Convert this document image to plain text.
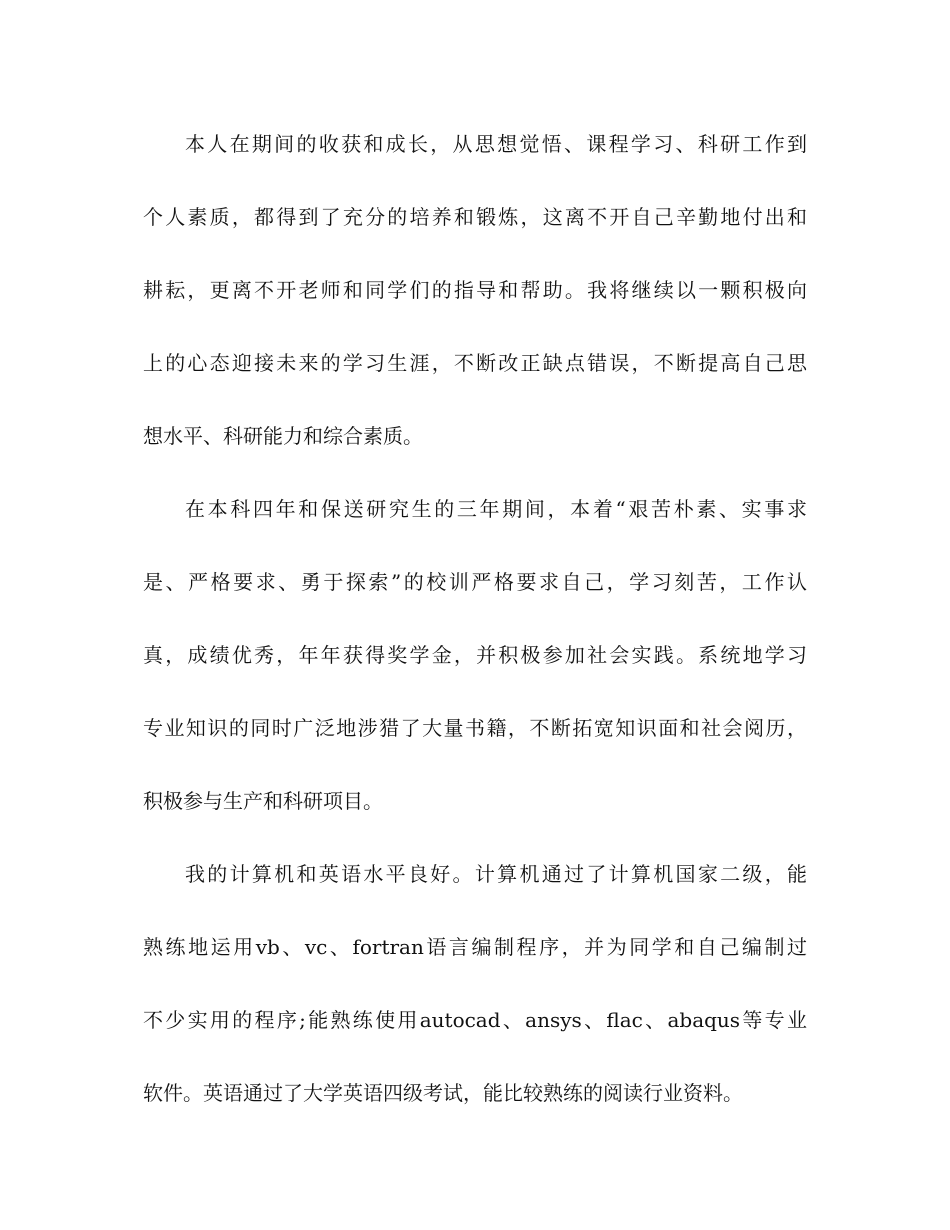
本人在期间的收获和成长，从思想觉悟、课程学习、科研工作到
个人素质，都得到了充分的培养和锻炼，这离不开自己辛勤地付出和
耕耘，更离不开老师和同学们的指导和帮助。我将继续以一颗积极向
上的心态迎接未来的学习生涯，不断改正缺点错误，不断提高自己思
想水平、科研能力和综合素质。
在本科四年和保送研究生的三年期间，本着“艰苦朴素、实事求
是、严格要求、勇于探索”的校训严格要求自己，学习刻苦，工作认
真，成绩优秀，年年获得奖学金，并积极参加社会实践。系统地学习
专业知识的同时广泛地涉猎了大量书籍，不断拓宽知识面和社会阅历，
积极参与生产和科研项目。
我的计算机和英语水平良好。计算机通过了计算机国家二级，能
熟练地运用vb、vc、fortran语言编制程序，并为同学和自己编制过
不少实用的程序;能熟练使用autocad、ansys、flac、abaqus等专业
软件。英语通过了大学英语四级考试，能比较熟练的阅读行业资料。
